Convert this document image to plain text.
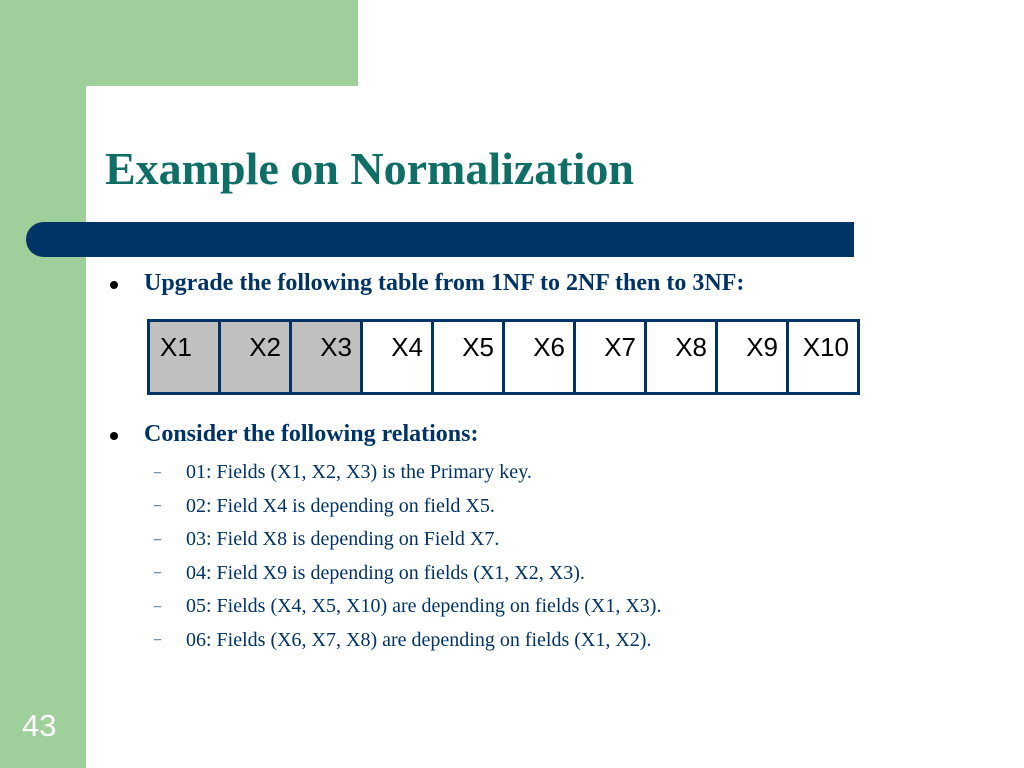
Example on Normalization
Upgrade the following table from 1NF to 2NF then to 3NF:
X1	X2	X3	X4	X5	X6	X7	X8	X9	X10
Consider the following relations:
–	01: Fields (X1, X2, X3) is the Primary key.
–	02: Field X4 is depending on field X5.
–	03: Field X8 is depending on Field X7.
–	04: Field X9 is depending on fields (X1, X2, X3).
–	05: Fields (X4, X5, X10) are depending on fields (X1, X3).
–	06: Fields (X6, X7, X8) are depending on fields (X1, X2).
43
